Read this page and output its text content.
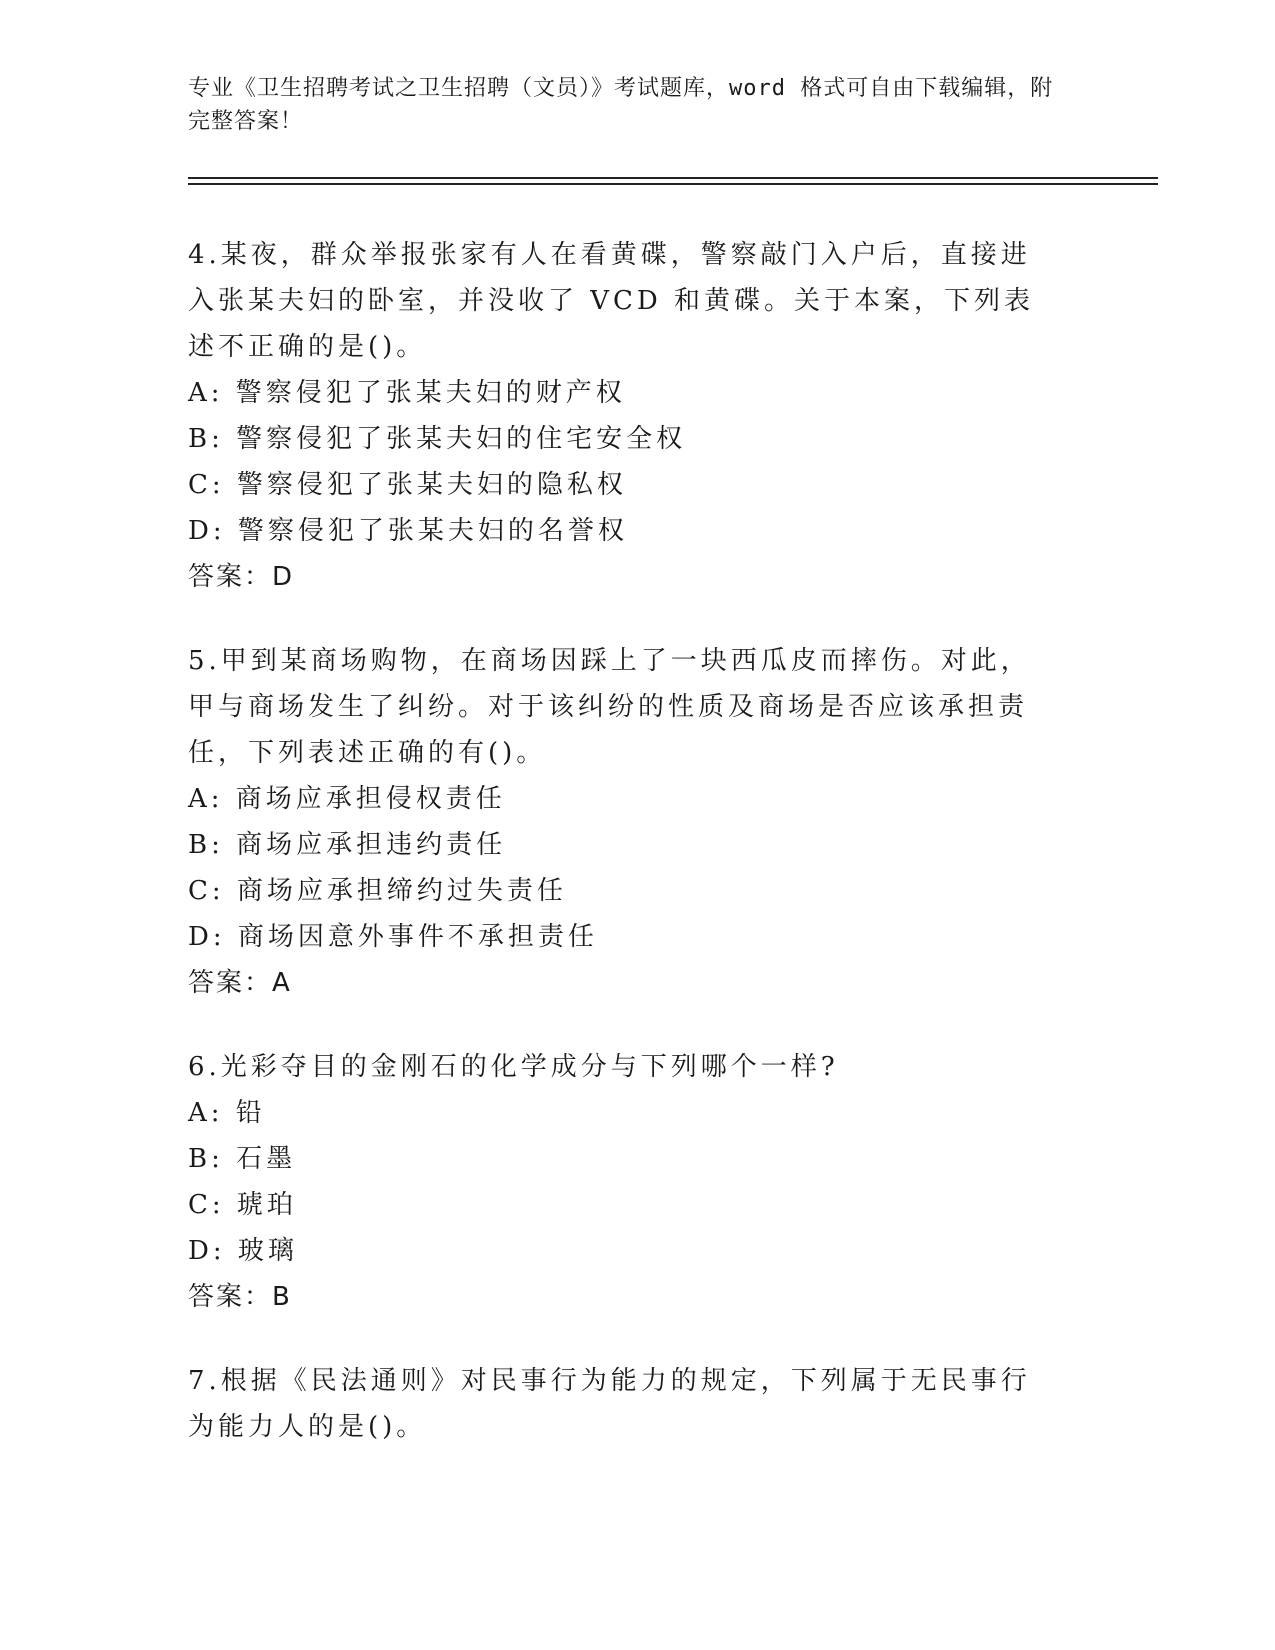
专业《卫生招聘考试之卫生招聘（文员）》考试题库，word 格式可自由下载编辑，附完整答案！
4.某夜，群众举报张家有人在看黄碟，警察敲门入户后，直接进入张某夫妇的卧室，并没收了 VCD 和黄碟。关于本案，下列表述不正确的是()。
A: 警察侵犯了张某夫妇的财产权
B: 警察侵犯了张某夫妇的住宅安全权
C: 警察侵犯了张某夫妇的隐私权
D: 警察侵犯了张某夫妇的名誉权
答案：D
5.甲到某商场购物，在商场因踩上了一块西瓜皮而摔伤。对此，甲与商场发生了纠纷。对于该纠纷的性质及商场是否应该承担责任，下列表述正确的有()。
A: 商场应承担侵权责任
B: 商场应承担违约责任
C: 商场应承担缔约过失责任
D: 商场因意外事件不承担责任
答案：A
6.光彩夺目的金刚石的化学成分与下列哪个一样?
A: 铅
B: 石墨
C: 琥珀
D: 玻璃
答案：B
7.根据《民法通则》对民事行为能力的规定，下列属于无民事行为能力人的是()。
